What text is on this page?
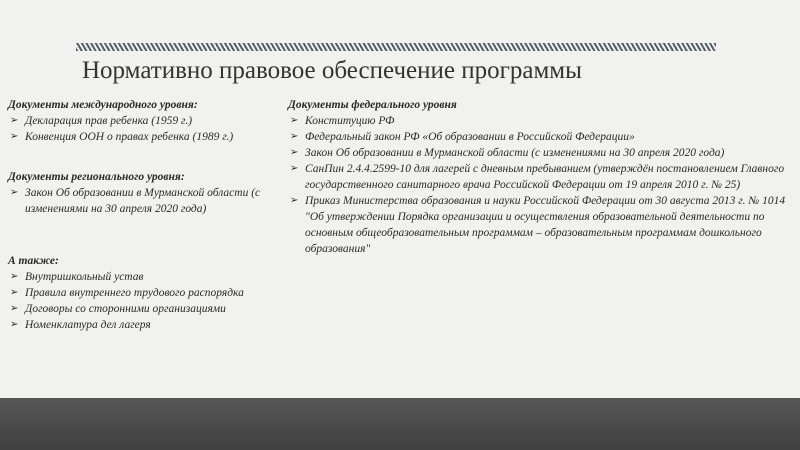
Нормативно правовое обеспечение программы
Документы международного уровня:
➢ Декларация прав ребенка (1959 г.)
➢ Конвенция ООН о правах ребенка (1989 г.)
Документы регионального уровня:
➢ Закон Об образовании в Мурманской области (с изменениями на 30 апреля 2020 года)
А также:
➢ Внутришкольный устав
➢ Правила внутреннего трудового распорядка
➢ Договоры со сторонними организациями
➢ Номенклатура дел лагеря
Документы федерального уровня
➢ Конституцию РФ
➢ Федеральный закон РФ «Об образовании в Российской Федерации»
➢ Закон Об образовании в Мурманской области (с изменениями на 30 апреля 2020 года)
➢ СанПин 2.4.4.2599-10 для лагерей с дневным пребыванием (утверждён постановлением Главного государственного санитарного врача Российской Федерации от 19 апреля 2010 г. № 25)
➢ Приказ Министерства образования и науки Российской Федерации от 30 августа 2013 г. № 1014 "Об утверждении Порядка организации и осуществления образовательной деятельности по основным общеобразовательным программам – образовательным программам дошкольного образования"
